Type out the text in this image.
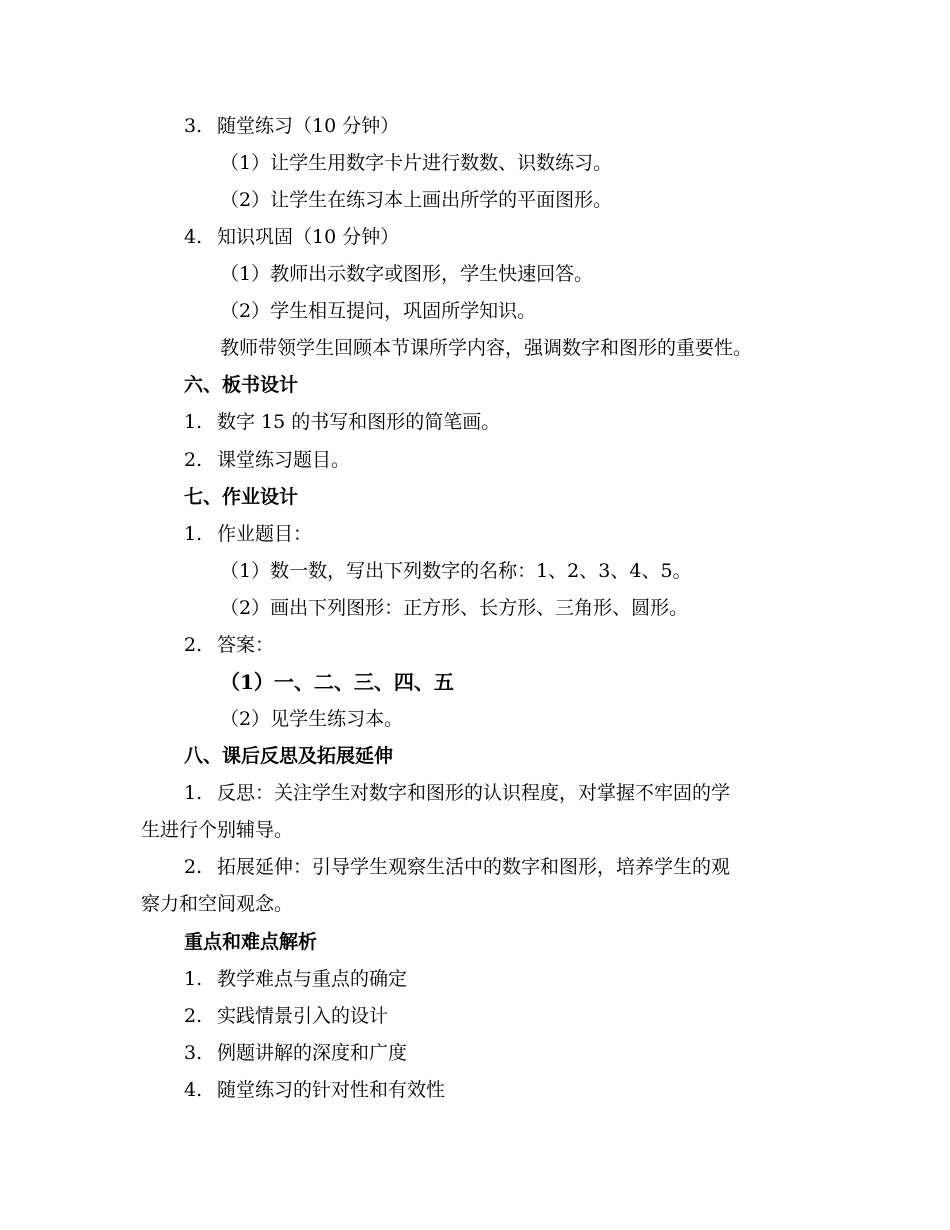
3. 随堂练习（10 分钟）
（1）让学生用数字卡片进行数数、识数练习。
（2）让学生在练习本上画出所学的平面图形。
4. 知识巩固（10 分钟）
（1）教师出示数字或图形，学生快速回答。
（2）学生相互提问，巩固所学知识。
教师带领学生回顾本节课所学内容，强调数字和图形的重要性。
六、板书设计
1. 数字 15 的书写和图形的简笔画。
2. 课堂练习题目。
七、作业设计
1. 作业题目：
（1）数一数，写出下列数字的名称：1、2、3、4、5。
（2）画出下列图形：正方形、长方形、三角形、圆形。
2. 答案：
（1）一、二、三、四、五
（2）见学生练习本。
八、课后反思及拓展延伸
1. 反思：关注学生对数字和图形的认识程度，对掌握不牢固的学
生进行个别辅导。
2. 拓展延伸：引导学生观察生活中的数字和图形，培养学生的观
察力和空间观念。
重点和难点解析
1. 教学难点与重点的确定
2. 实践情景引入的设计
3. 例题讲解的深度和广度
4. 随堂练习的针对性和有效性
